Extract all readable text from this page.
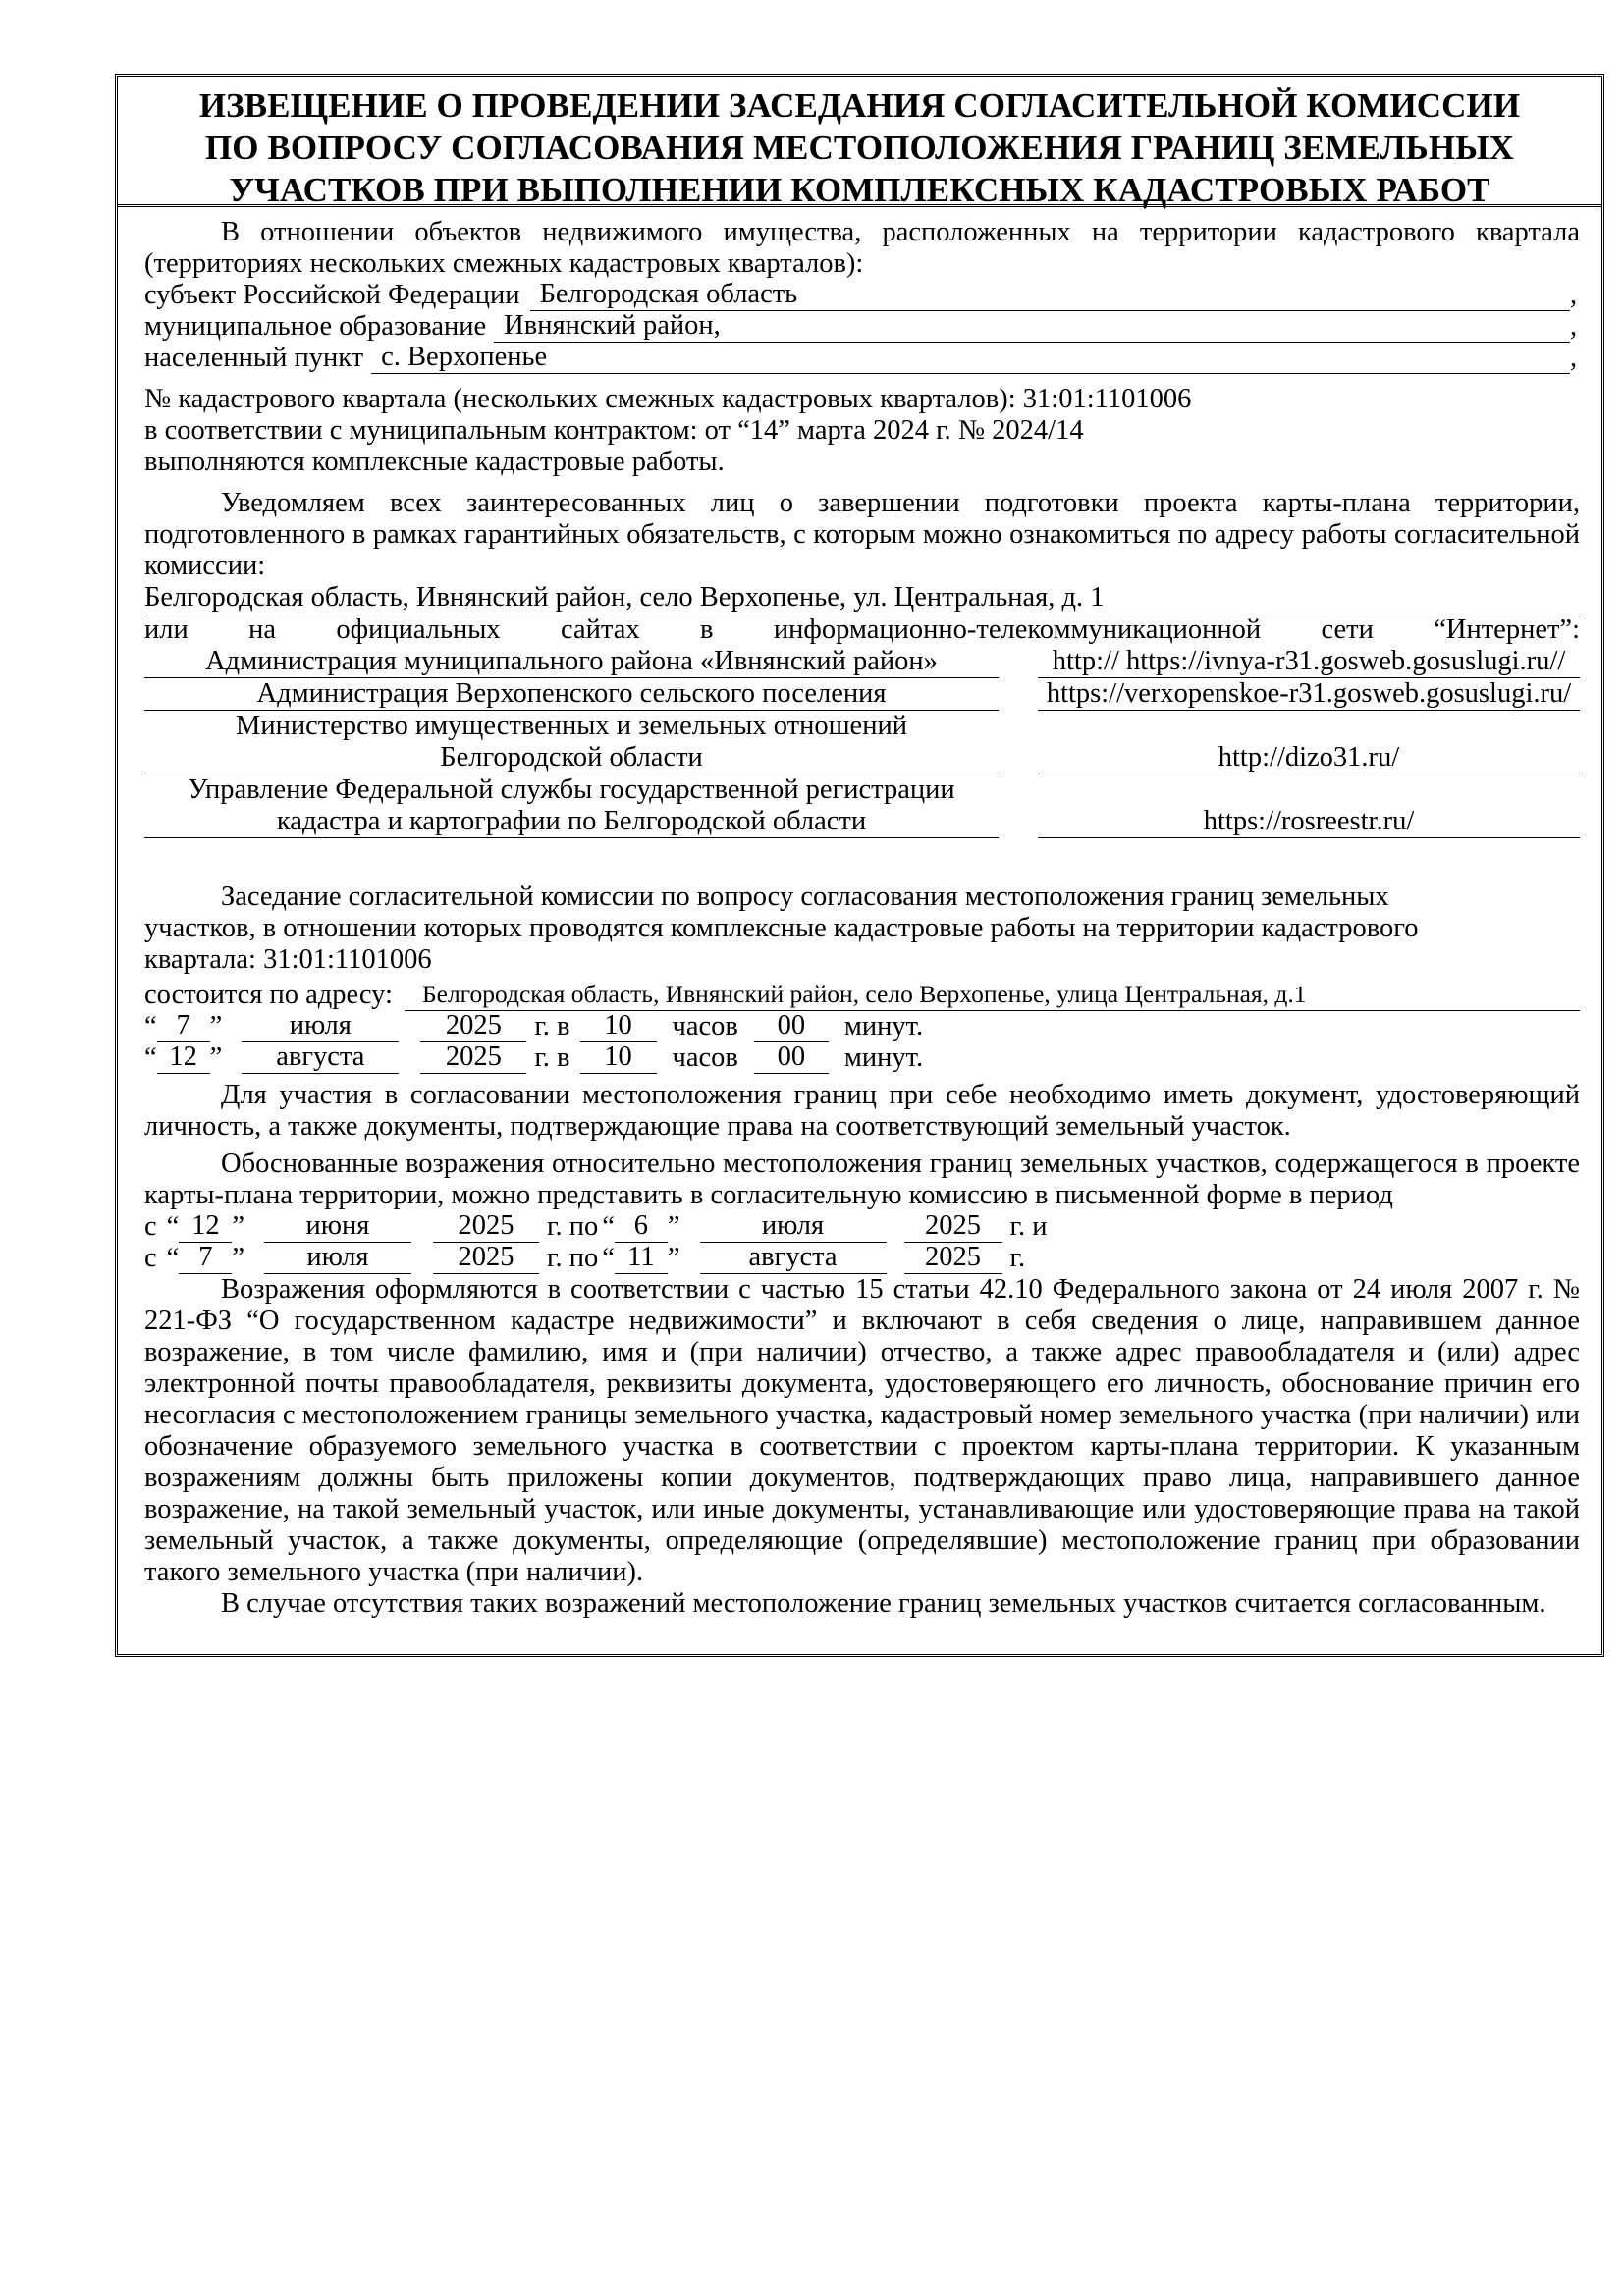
ИЗВЕЩЕНИЕ О ПРОВЕДЕНИИ ЗАСЕДАНИЯ СОГЛАСИТЕЛЬНОЙ КОМИССИИ
ПО ВОПРОСУ СОГЛАСОВАНИЯ МЕСТОПОЛОЖЕНИЯ ГРАНИЦ ЗЕМЕЛЬНЫХ
УЧАСТКОВ ПРИ ВЫПОЛНЕНИИ КОМПЛЕКСНЫХ КАДАСТРОВЫХ РАБОТ

В отношении объектов недвижимого имущества, расположенных на территории кадастрового квартала (территориях нескольких смежных кадастровых кварталов):

субъект Российской Федерации Белгородская область	,
муниципальное образование Ивнянский район,	,
населенный пункт с. Верхопенье	,

№ кадастрового квартала (нескольких смежных кадастровых кварталов): 31:01:1101006

в соответствии с муниципальным контрактом: от “14” марта 2024 г. № 2024/14

выполняются комплексные кадастровые работы.

Уведомляем всех заинтересованных лиц о завершении подготовки проекта карты-плана территории, подготовленного в рамках гарантийных обязательств, с которым можно ознакомиться по адресу работы согласительной комиссии:

Белгородская область, Ивнянский район, село Верхопенье, ул. Центральная, д. 1

или на официальных сайтах в информационно-телекоммуникационной сети “Интернет”:

Администрация муниципального района «Ивнянский район»		http:// https://ivnya-r31.gosweb.gosuslugi.ru//
Администрация Верхопенского сельского поселения		https://verxopenskoe-r31.gosweb.gosuslugi.ru/
Министерство имущественных и земельных отношений Белгородской области		http://dizo31.ru/
Управление Федеральной службы государственной регистрации кадастра и картографии по Белгородской области		https://rosreestr.ru/

Заседание согласительной комиссии по вопросу согласования местоположения границ земельных участков, в отношении которых проводятся комплексные кадастровые работы на территории кадастрового квартала: 31:01:1101006

состоится по адресу:	Белгородская область, Ивнянский район, село Верхопенье, улица Центральная, д.1
“ 7 ”	июля	2025	г. в	10	часов	00	минут.
“ 12 ”	августа	2025	г. в	10	часов	00	минут.

Для участия в согласовании местоположения границ при себе необходимо иметь документ, удостоверяющий личность, а также документы, подтверждающие права на соответствующий земельный участок.

Обоснованные возражения относительно местоположения границ земельных участков, содержащегося в проекте карты-плана территории, можно представить в согласительную комиссию в письменной форме в период

с “ 12 ”	июня	2025	г. по “ 6 ”	июля	2025	г. и
с “ 7 ”	июля	2025	г. по “ 11 ”	августа	2025	г.

Возражения оформляются в соответствии с частью 15 статьи 42.10 Федерального закона от 24 июля 2007 г. № 221-ФЗ “О государственном кадастре недвижимости” и включают в себя сведения о лице, направившем данное возражение, в том числе фамилию, имя и (при наличии) отчество, а также адрес правообладателя и (или) адрес электронной почты правообладателя, реквизиты документа, удостоверяющего его личность, обоснование причин его несогласия с местоположением границы земельного участка, кадастровый номер земельного участка (при наличии) или обозначение образуемого земельного участка в соответствии с проектом карты-плана территории. К указанным возражениям должны быть приложены копии документов, подтверждающих право лица, направившего данное возражение, на такой земельный участок, или иные документы, устанавливающие или удостоверяющие права на такой земельный участок, а также документы, определяющие (определявшие) местоположение границ при образовании такого земельного участка (при наличии).

В случае отсутствия таких возражений местоположение границ земельных участков считается согласованным.
